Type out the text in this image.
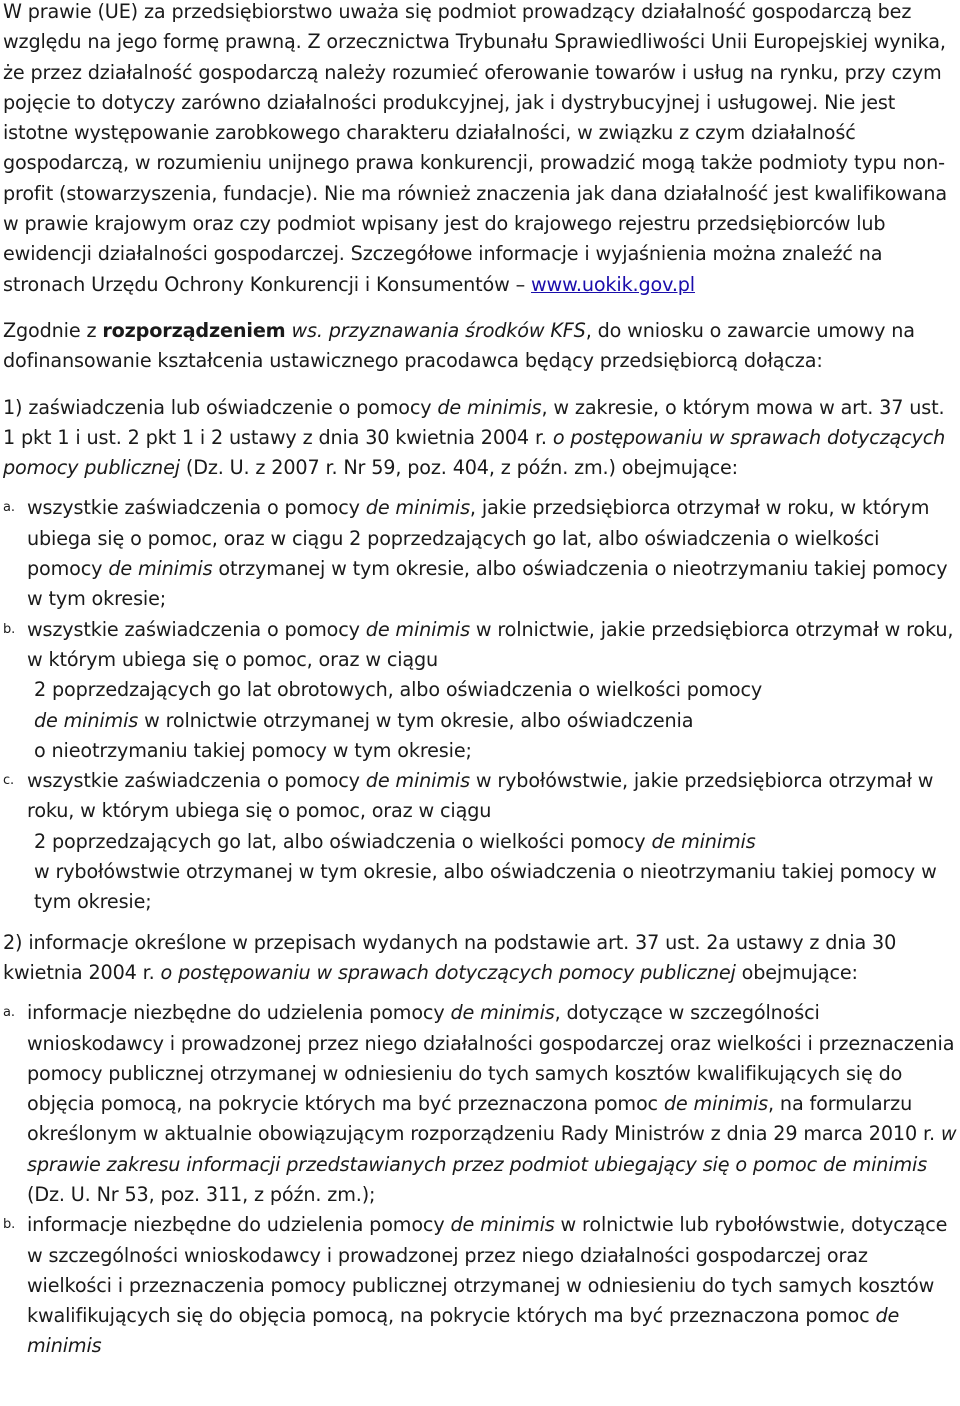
W prawie (UE) za przedsiębiorstwo uważa się podmiot prowadzący działalność gospodarczą bez względu na jego formę prawną. Z orzecznictwa Trybunału Sprawiedliwości Unii Europejskiej wynika, że przez działalność gospodarczą należy rozumieć oferowanie towarów i usług na rynku, przy czym pojęcie to dotyczy zarówno działalności produkcyjnej, jak i dystrybucyjnej i usługowej. Nie jest istotne występowanie zarobkowego charakteru działalności, w związku z czym działalność gospodarczą, w rozumieniu unijnego prawa konkurencji, prowadzić mogą także podmioty typu non-profit (stowarzyszenia, fundacje). Nie ma również znaczenia jak dana działalność jest kwalifikowana w prawie krajowym oraz czy podmiot wpisany jest do krajowego rejestru przedsiębiorców lub ewidencji działalności gospodarczej. Szczegółowe informacje i wyjaśnienia można znaleźć na stronach Urzędu Ochrony Konkurencji i Konsumentów – www.uokik.gov.pl

Zgodnie z rozporządzeniem ws. przyznawania środków KFS, do wniosku o zawarcie umowy na dofinansowanie kształcenia ustawicznego pracodawca będący przedsiębiorcą dołącza:

1) zaświadczenia lub oświadczenie o pomocy de minimis, w zakresie, o którym mowa w art. 37 ust. 1 pkt 1 i ust. 2 pkt 1 i 2 ustawy z dnia 30 kwietnia 2004 r. o postępowaniu w sprawach dotyczących pomocy publicznej (Dz. U. z 2007 r. Nr 59, poz. 404, z późn. zm.) obejmujące:

a. wszystkie zaświadczenia o pomocy de minimis, jakie przedsiębiorca otrzymał w roku, w którym ubiega się o pomoc, oraz w ciągu 2 poprzedzających go lat, albo oświadczenia o wielkości pomocy de minimis otrzymanej w tym okresie, albo oświadczenia o nieotrzymaniu takiej pomocy w tym okresie;
b. wszystkie zaświadczenia o pomocy de minimis w rolnictwie, jakie przedsiębiorca otrzymał w roku, w którym ubiega się o pomoc, oraz w ciągu
2 poprzedzających go lat obrotowych, albo oświadczenia o wielkości pomocy
de minimis w rolnictwie otrzymanej w tym okresie, albo oświadczenia
o nieotrzymaniu takiej pomocy w tym okresie;
c. wszystkie zaświadczenia o pomocy de minimis w rybołówstwie, jakie przedsiębiorca otrzymał w roku, w którym ubiega się o pomoc, oraz w ciągu
2 poprzedzających go lat, albo oświadczenia o wielkości pomocy de minimis
w rybołówstwie otrzymanej w tym okresie, albo oświadczenia o nieotrzymaniu takiej pomocy w tym okresie;

2) informacje określone w przepisach wydanych na podstawie art. 37 ust. 2a ustawy z dnia 30 kwietnia 2004 r. o postępowaniu w sprawach dotyczących pomocy publicznej obejmujące:

a. informacje niezbędne do udzielenia pomocy de minimis, dotyczące w szczególności wnioskodawcy i prowadzonej przez niego działalności gospodarczej oraz wielkości i przeznaczenia pomocy publicznej otrzymanej w odniesieniu do tych samych kosztów kwalifikujących się do objęcia pomocą, na pokrycie których ma być przeznaczona pomoc de minimis, na formularzu określonym w aktualnie obowiązującym rozporządzeniu Rady Ministrów z dnia 29 marca 2010 r. w sprawie zakresu informacji przedstawianych przez podmiot ubiegający się o pomoc de minimis (Dz. U. Nr 53, poz. 311, z późn. zm.);
b. informacje niezbędne do udzielenia pomocy de minimis w rolnictwie lub rybołówstwie, dotyczące w szczególności wnioskodawcy i prowadzonej przez niego działalności gospodarczej oraz wielkości i przeznaczenia pomocy publicznej otrzymanej w odniesieniu do tych samych kosztów kwalifikujących się do objęcia pomocą, na pokrycie których ma być przeznaczona pomoc de minimis
